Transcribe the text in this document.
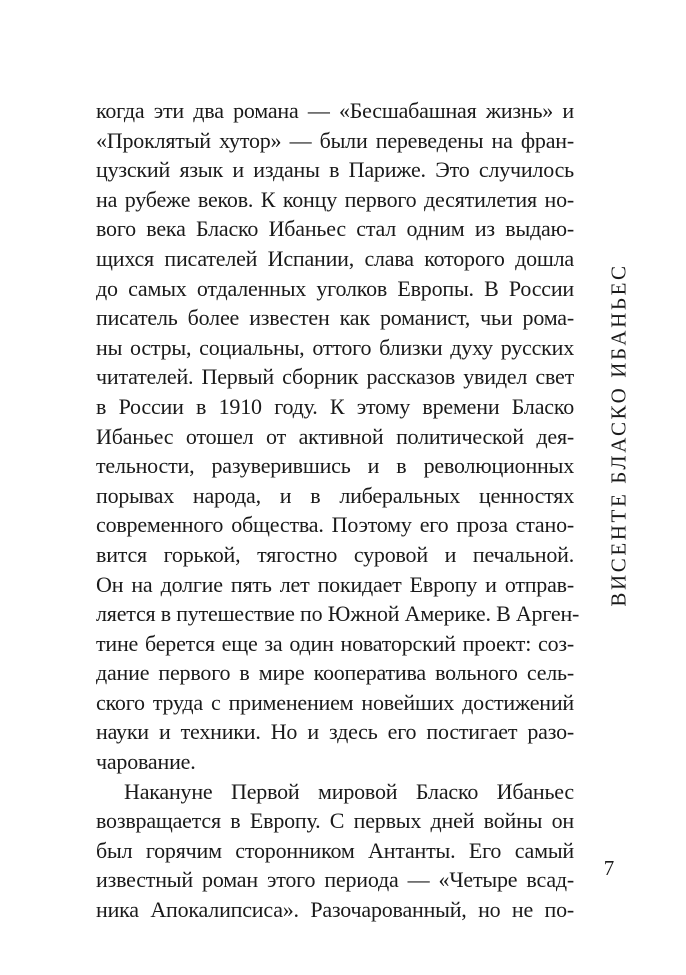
ВИСЕНТЕ БЛАСКО ИБАНЬЕС
когда эти два романа — «Бесшабашная жизнь» и
«Проклятый хутор» — были переведены на фран-
цузский язык и изданы в Париже. Это случилось
на рубеже веков. К концу первого десятилетия но-
вого века Бласко Ибаньес стал одним из выдаю-
щихся писателей Испании, слава которого дошла
до самых отдаленных уголков Европы. В России
писатель более известен как романист, чьи рома-
ны остры, социальны, оттого близки духу русских
читателей. Первый сборник рассказов увидел свет
в России в 1910 году. К этому времени Бласко
Ибаньес отошел от активной политической дея-
тельности, разуверившись и в революционных
порывах народа, и в либеральных ценностях
современного общества. Поэтому его проза стано-
вится горькой, тягостно суровой и печальной.
Он на долгие пять лет покидает Европу и отправ-
ляется в путешествие по Южной Америке. В Арген-
тине берется еще за один новаторский проект: соз-
дание первого в мире кооператива вольного сель-
ского труда с применением новейших достижений
науки и техники. Но и здесь его постигает разо-
чарование.
Накануне Первой мировой Бласко Ибаньес
возвращается в Европу. С первых дней войны он
был горячим сторонником Антанты. Его самый
известный роман этого периода — «Четыре всад-
ника Апокалипсиса». Разочарованный, но не по-
7
